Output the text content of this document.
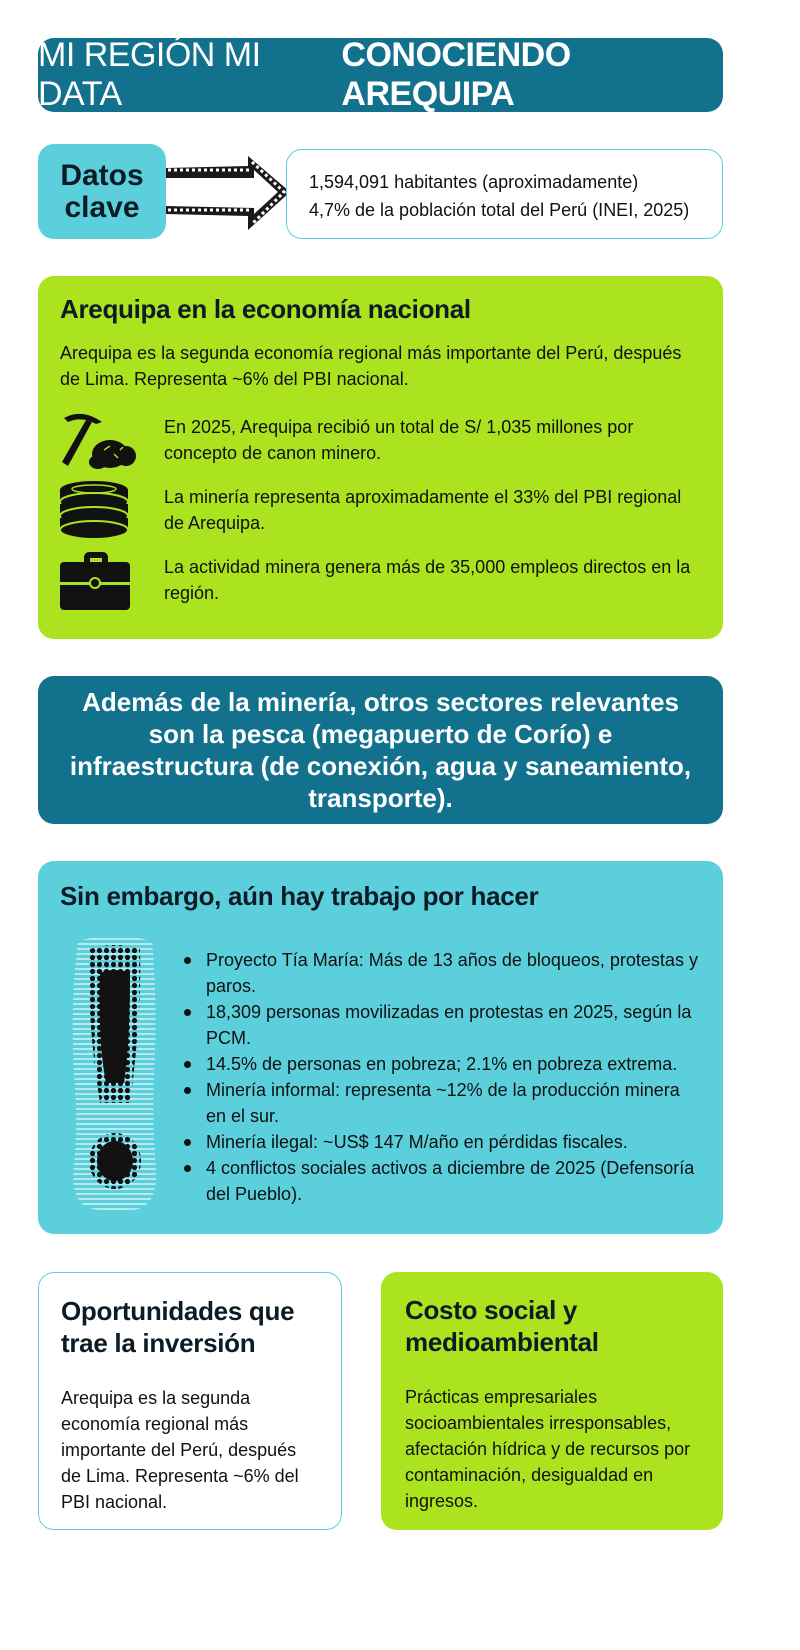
MI REGIÓN MI DATA
CONOCIENDO AREQUIPA
Datos
clave
1,594,091 habitantes (aproximadamente)
4,7% de la población total del Perú (INEI, 2025)
Arequipa en la economía nacional

Arequipa es la segunda economía regional más importante del Perú, después de Lima. Representa ~6% del PBI nacional.

En 2025, Arequipa recibió un total de S/ 1,035 millones por concepto de canon minero.
La minería representa aproximadamente el 33% del PBI regional de Arequipa.
La actividad minera genera más de 35,000 empleos directos en la región.
Además de la minería, otros sectores relevantes son la pesca (megapuerto de Corío) e infraestructura (de conexión, agua y saneamiento, transporte).
Sin embargo, aún hay trabajo por hacer
Proyecto Tía María: Más de 13 años de bloqueos, protestas y paros.
18,309 personas movilizadas en protestas en 2025, según la PCM.
14.5% de personas en pobreza; 2.1% en pobreza extrema.
Minería informal: representa ~12% de la producción minera en el sur.
Minería ilegal: ~US$ 147 M/año en pérdidas fiscales.
4 conflictos sociales activos a diciembre de 2025 (Defensoría del Pueblo).
Oportunidades que trae la inversión

Arequipa es la segunda economía regional más importante del Perú, después de Lima. Representa ~6% del PBI nacional.

Costo social y medioambiental

Prácticas empresariales socioambientales irresponsables, afectación hídrica y de recursos por contaminación, desigualdad en ingresos.
